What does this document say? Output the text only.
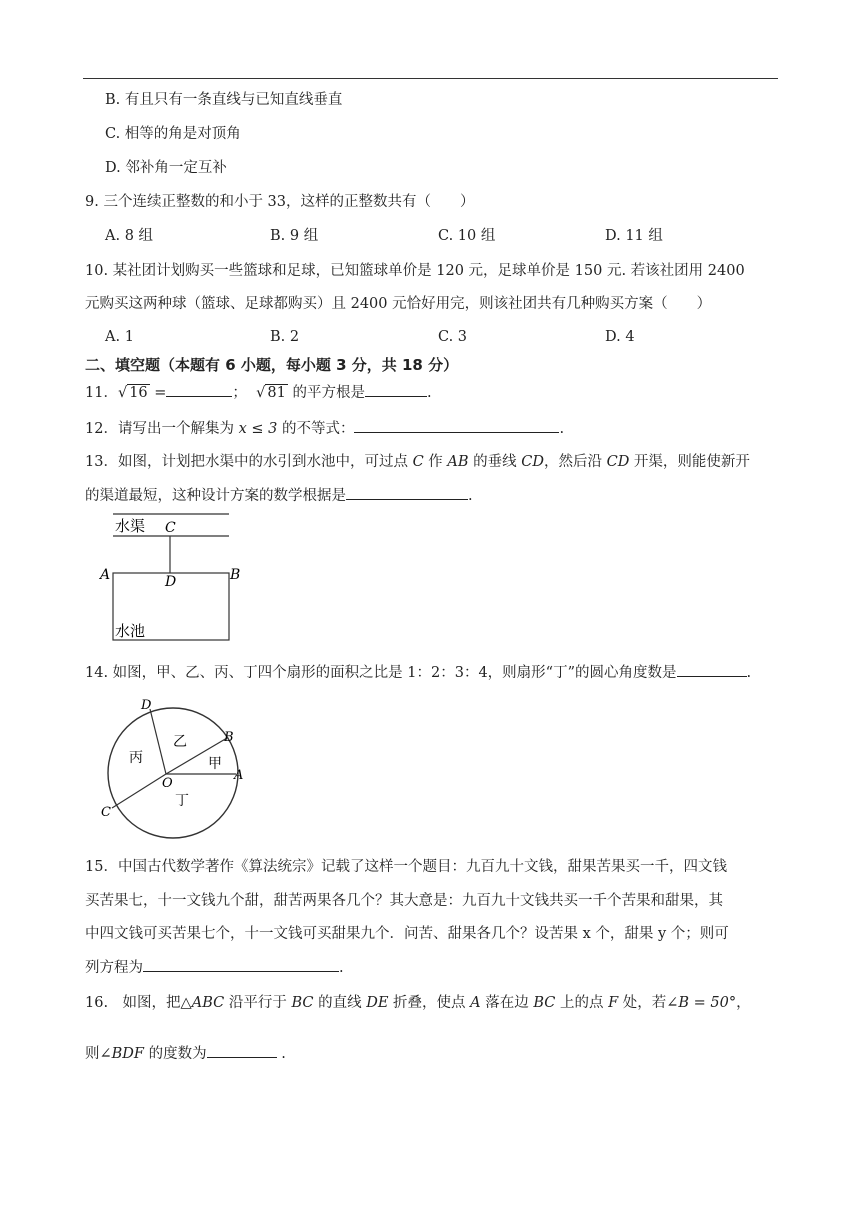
B. 有且只有一条直线与已知直线垂直
C. 相等的角是对顶角
D. 邻补角一定互补
9. 三个连续正整数的和小于 33，这样的正整数共有（　　）
A. 8 组	B. 9 组	C. 10 组	D. 11 组
10. 某社团计划购买一些篮球和足球，已知篮球单价是 120 元，足球单价是 150 元. 若该社团用 2400
元购买这两种球（篮球、足球都购买）且 2400 元恰好用完，则该社团共有几种购买方案（　　）
A. 1	B. 2	C. 3	D. 4
二、填空题（本题有 6 小题，每小题 3 分，共 18 分）
11．√ 16 =	； √ 81 的平方根是	.
12．请写出一个解集为 x ≤ 3 的不等式：	.
13．如图，计划把水渠中的水引到水池中，可过点 C 作 AB 的垂线 CD，然后沿 CD 开渠，则能使新开
的渠道最短，这种设计方案的数学根据是	.
水渠 C
A	B
D
水池
14. 如图，甲、乙、丙、丁四个扇形的面积之比是 1：2：3：4，则扇形“丁”的圆心角度数是	.
D
B
A
C
O
甲
乙
丙
丁
15．中国古代数学著作《算法统宗》记载了这样一个题目：九百九十文钱，甜果苦果买一千，四文钱
买苦果七，十一文钱九个甜，甜苦两果各几个？其大意是：九百九十文钱共买一千个苦果和甜果，其
中四文钱可买苦果七个，十一文钱可买甜果九个．问苦、甜果各几个？设苦果 x 个，甜果 y 个；则可
列方程为	.
16.　如图，把△ABC 沿平行于 BC 的直线 DE 折叠，使点 A 落在边 BC 上的点 F 处，若∠B = 50°，
则∠BDF 的度数为	.
